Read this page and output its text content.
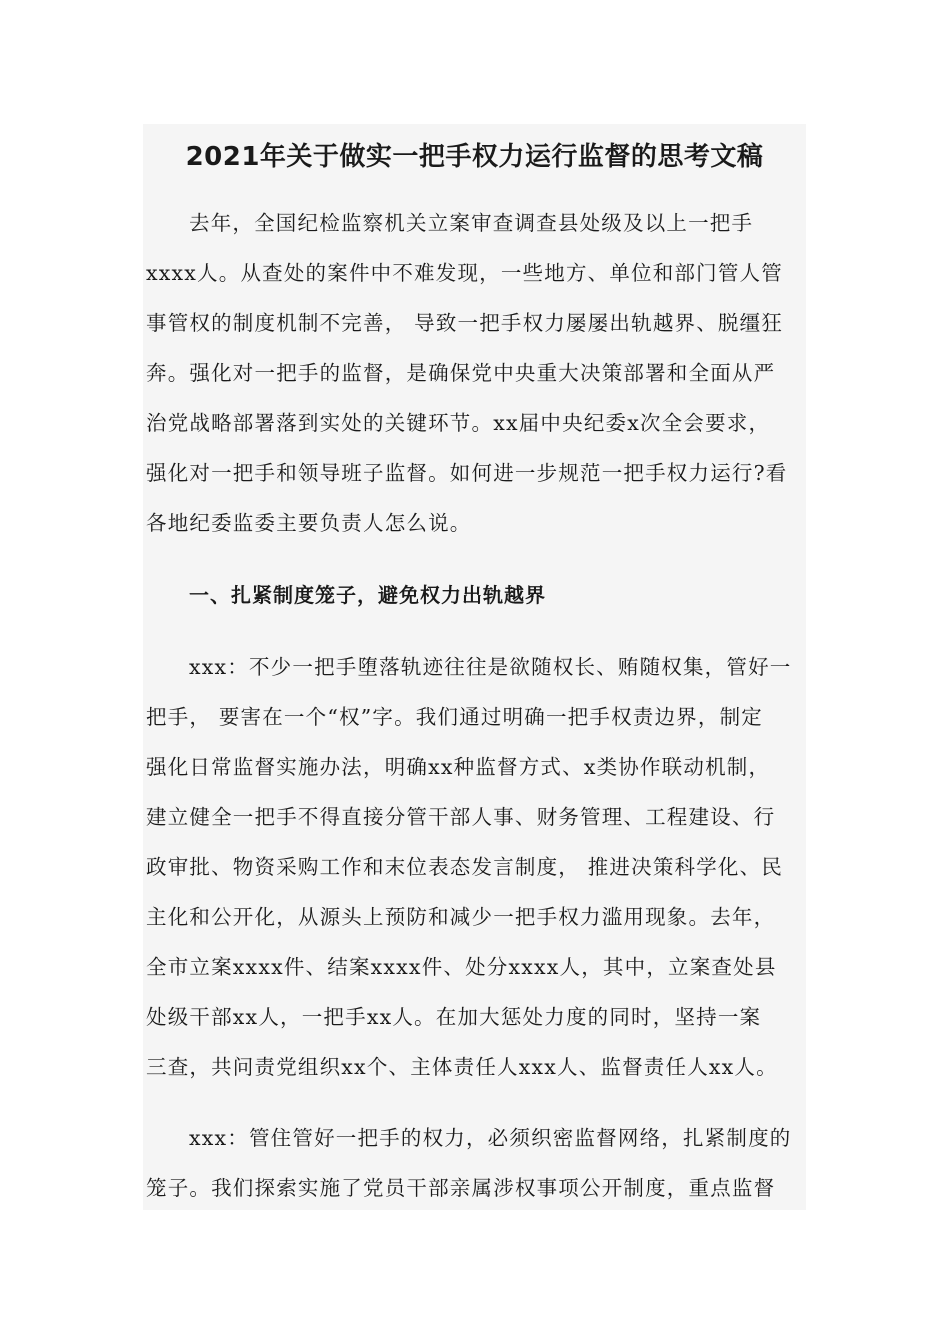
2021年关于做实一把手权力运行监督的思考文稿

去年，全国纪检监察机关立案审查调查县处级及以上一把手

xxxx人。从查处的案件中不难发现，一些地方、单位和部门管人管

事管权的制度机制不完善， 导致一把手权力屡屡出轨越界、脱缰狂

奔。强化对一把手的监督，是确保党中央重大决策部署和全面从严

治党战略部署落到实处的关键环节。xx届中央纪委x次全会要求，

强化对一把手和领导班子监督。如何进一步规范一把手权力运行?看

各地纪委监委主要负责人怎么说。

一、扎紧制度笼子，避免权力出轨越界

xxx：不少一把手堕落轨迹往往是欲随权长、贿随权集，管好一

把手， 要害在一个“权”字。我们通过明确一把手权责边界，制定

强化日常监督实施办法，明确xx种监督方式、x类协作联动机制，

建立健全一把手不得直接分管干部人事、财务管理、工程建设、行

政审批、物资采购工作和末位表态发言制度， 推进决策科学化、民

主化和公开化，从源头上预防和减少一把手权力滥用现象。去年，

全市立案xxxx件、结案xxxx件、处分xxxx人，其中，立案查处县

处级干部xx人，一把手xx人。在加大惩处力度的同时，坚持一案

三查，共问责党组织xx个、主体责任人xxx人、监督责任人xx人。

xxx：管住管好一把手的权力，必须织密监督网络，扎紧制度的

笼子。我们探索实施了党员干部亲属涉权事项公开制度，重点监督
